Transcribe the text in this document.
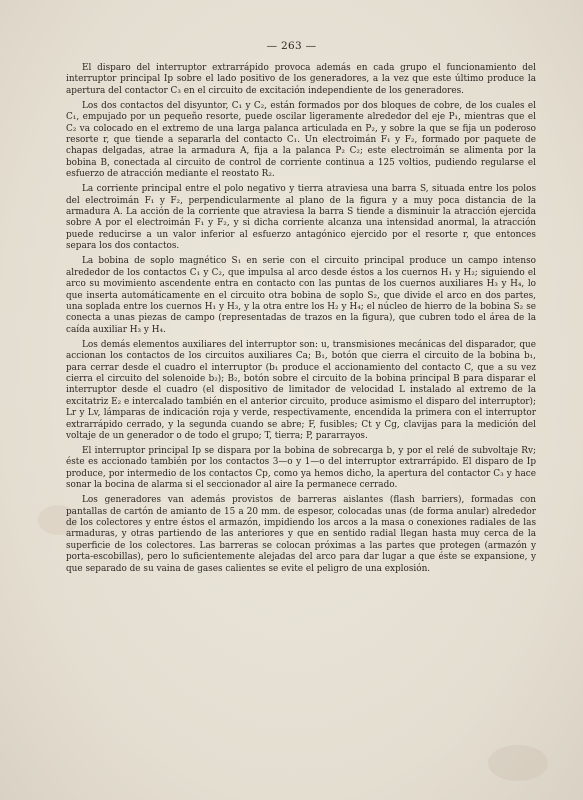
— 263 —

El disparo del interruptor extrarrápido provoca además en cada grupo el funcionamiento del interruptor principal Ip sobre el lado positivo de los generadores, a la vez que este último produce la apertura del contactor C₃ en el circuito de excitación independiente de los generadores.

Los dos contactos del disyuntor, C₁ y C₂, están formados por dos bloques de cobre, de los cuales el C₁, empujado por un pequeño resorte, puede oscilar ligeramente alrededor del eje P₁, mientras que el C₂ va colocado en el extremo de una larga palanca articulada en P₂, y sobre la que se fija un poderoso resorte r, que tiende a separarla del contacto C₁. Un electroimán F₁ y F₂, formado por paquete de chapas delgadas, atrae la armadura A, fija a la palanca P₂ C₂; este electroimán se alimenta por la bobina B, conectada al circuito de control de corriente continua a 125 voltios, pudiendo regularse el esfuerzo de atracción mediante el reostato R₂.

La corriente principal entre el polo negativo y tierra atraviesa una barra S, situada entre los polos del electroimán F₁ y F₂, perpendicularmente al plano de la figura y a muy poca distancia de la armadura A. La acción de la corriente que atraviesa la barra S tiende a disminuir la atracción ejercida sobre A por el electroimán F₁ y F₂, y si dicha corriente alcanza una intensidad anormal, la atracción puede reducirse a un valor inferior al esfuerzo antagónico ejercido por el resorte r, que entonces separa los dos contactos.

La bobina de soplo magnético S₁ en serie con el circuito principal produce un campo intenso alrededor de los contactos C₁ y C₂, que impulsa al arco desde éstos a los cuernos H₁ y H₂; siguiendo el arco su movimiento ascendente entra en contacto con las puntas de los cuernos auxiliares H₃ y H₄, lo que inserta automáticamente en el circuito otra bobina de soplo S₂, que divide el arco en dos partes, una soplada entre los cuernos H₁ y H₃, y la otra entre los H₂ y H₄; el núcleo de hierro de la bobina S₂ se conecta a unas piezas de campo (representadas de trazos en la figura), que cubren todo el área de la caída auxiliar H₃ y H₄.

Los demás elementos auxiliares del interruptor son: u, transmisiones mecánicas del disparador, que accionan los contactos de los circuitos auxiliares Ca; B₁, botón que cierra el circuito de la bobina b₁, para cerrar desde el cuadro el interruptor (b₁ produce el accionamiento del contacto C, que a su vez cierra el circuito del solenoide b₂); B₂, botón sobre el circuito de la bobina principal B para disparar el interruptor desde el cuadro (el dispositivo de limitador de velocidad L instalado al extremo de la excitatriz E₂ e intercalado también en el anterior circuito, produce asimismo el disparo del interruptor); Lr y Lv, lámparas de indicación roja y verde, respectivamente, encendida la primera con el interruptor extrarrápido cerrado, y la segunda cuando se abre; F, fusibles; Ct y Cg, clavijas para la medición del voltaje de un generador o de todo el grupo; T, tierra; P, pararrayos.

El interruptor principal Ip se dispara por la bobina de sobrecarga b, y por el relé de subvoltaje Rv; éste es accionado también por los contactos 3—o y 1—o del interruptor extrarrápido. El disparo de Ip produce, por intermedio de los contactos Cp, como ya hemos dicho, la apertura del contactor C₃ y hace sonar la bocina de alarma si el seccionador al aire Ia permanece cerrado.

Los generadores van además provistos de barreras aislantes (flash barriers), formadas con pantallas de cartón de amianto de 15 a 20 mm. de espesor, colocadas unas (de forma anular) alrededor de los colectores y entre éstos el armazón, impidiendo los arcos a la masa o conexiones radiales de las armaduras, y otras partiendo de las anteriores y que en sentido radial llegan hasta muy cerca de la superficie de los colectores. Las barreras se colocan próximas a las partes que protegen (armazón y porta-escobillas), pero lo suficientemente alejadas del arco para dar lugar a que éste se expansione, y que separado de su vaina de gases calientes se evite el peligro de una explosión.
